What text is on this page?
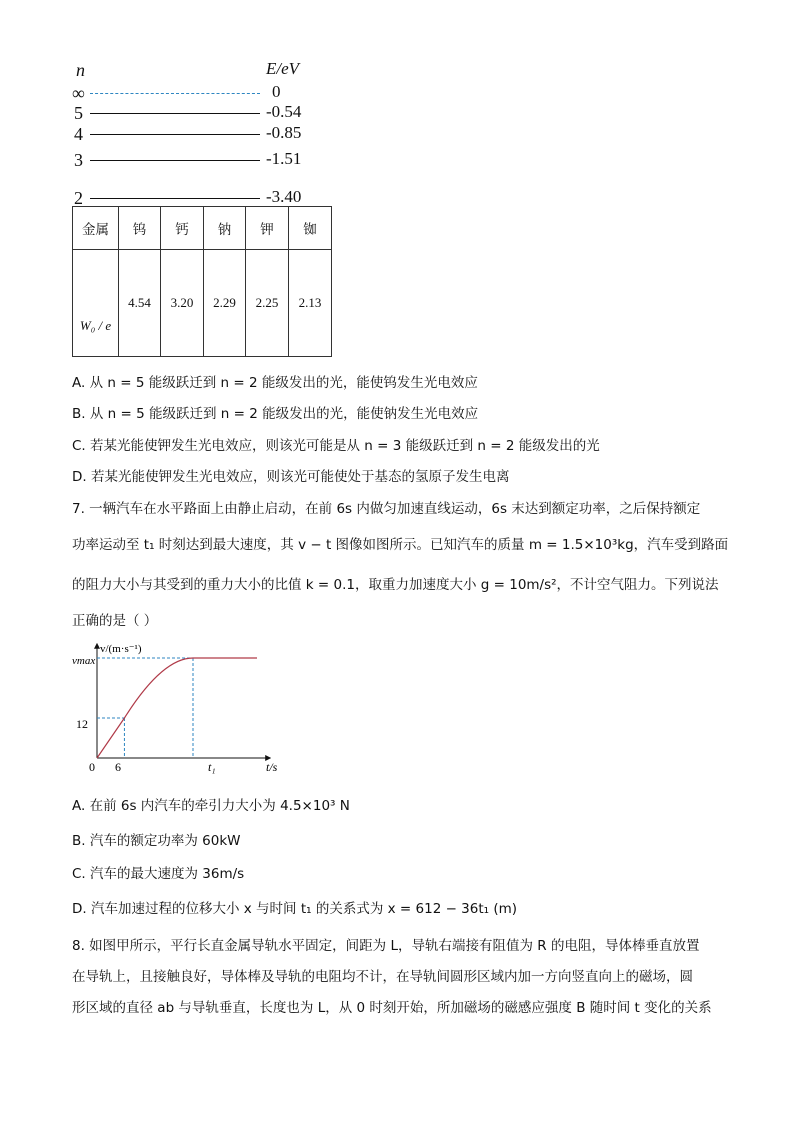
n	E/eV
∞	0
5	-0.54
4	-0.85
3	-1.51
2	-3.40
金属	钨	钙	钠	钾	铷
W₀ / e	4.54	3.20	2.29	2.25	2.13
A. 从 n = 5 能级跃迁到 n = 2 能级发出的光，能使钨发生光电效应
B. 从 n = 5 能级跃迁到 n = 2 能级发出的光，能使钠发生光电效应
C. 若某光能使钾发生光电效应，则该光可能是从 n = 3 能级跃迁到 n = 2 能级发出的光
D. 若某光能使钾发生光电效应，则该光可能使处于基态的氢原子发生电离
7. 一辆汽车在水平路面上由静止启动，在前 6s 内做匀加速直线运动，6s 末达到额定功率，之后保持额定
功率运动至 t₁ 时刻达到最大速度，其 v − t 图像如图所示。已知汽车的质量 m = 1.5×10³kg，汽车受到路面
的阻力大小与其受到的重力大小的比值 k = 0.1，取重力加速度大小 g = 10m/s²，不计空气阻力。下列说法
正确的是（ ）
v/(m·s⁻¹)
vmax
12
0 6	t₁	t/s
A. 在前 6s 内汽车的牵引力大小为 4.5×10³ N
B. 汽车的额定功率为 60kW
C. 汽车的最大速度为 36m/s
D. 汽车加速过程的位移大小 x 与时间 t₁ 的关系式为 x = 612 − 36t₁ (m)
8. 如图甲所示，平行长直金属导轨水平固定，间距为 L，导轨右端接有阻值为 R 的电阻，导体棒垂直放置
在导轨上，且接触良好，导体棒及导轨的电阻均不计，在导轨间圆形区域内加一方向竖直向上的磁场，圆
形区域的直径 ab 与导轨垂直，长度也为 L，从 0 时刻开始，所加磁场的磁感应强度 B 随时间 t 变化的关系
